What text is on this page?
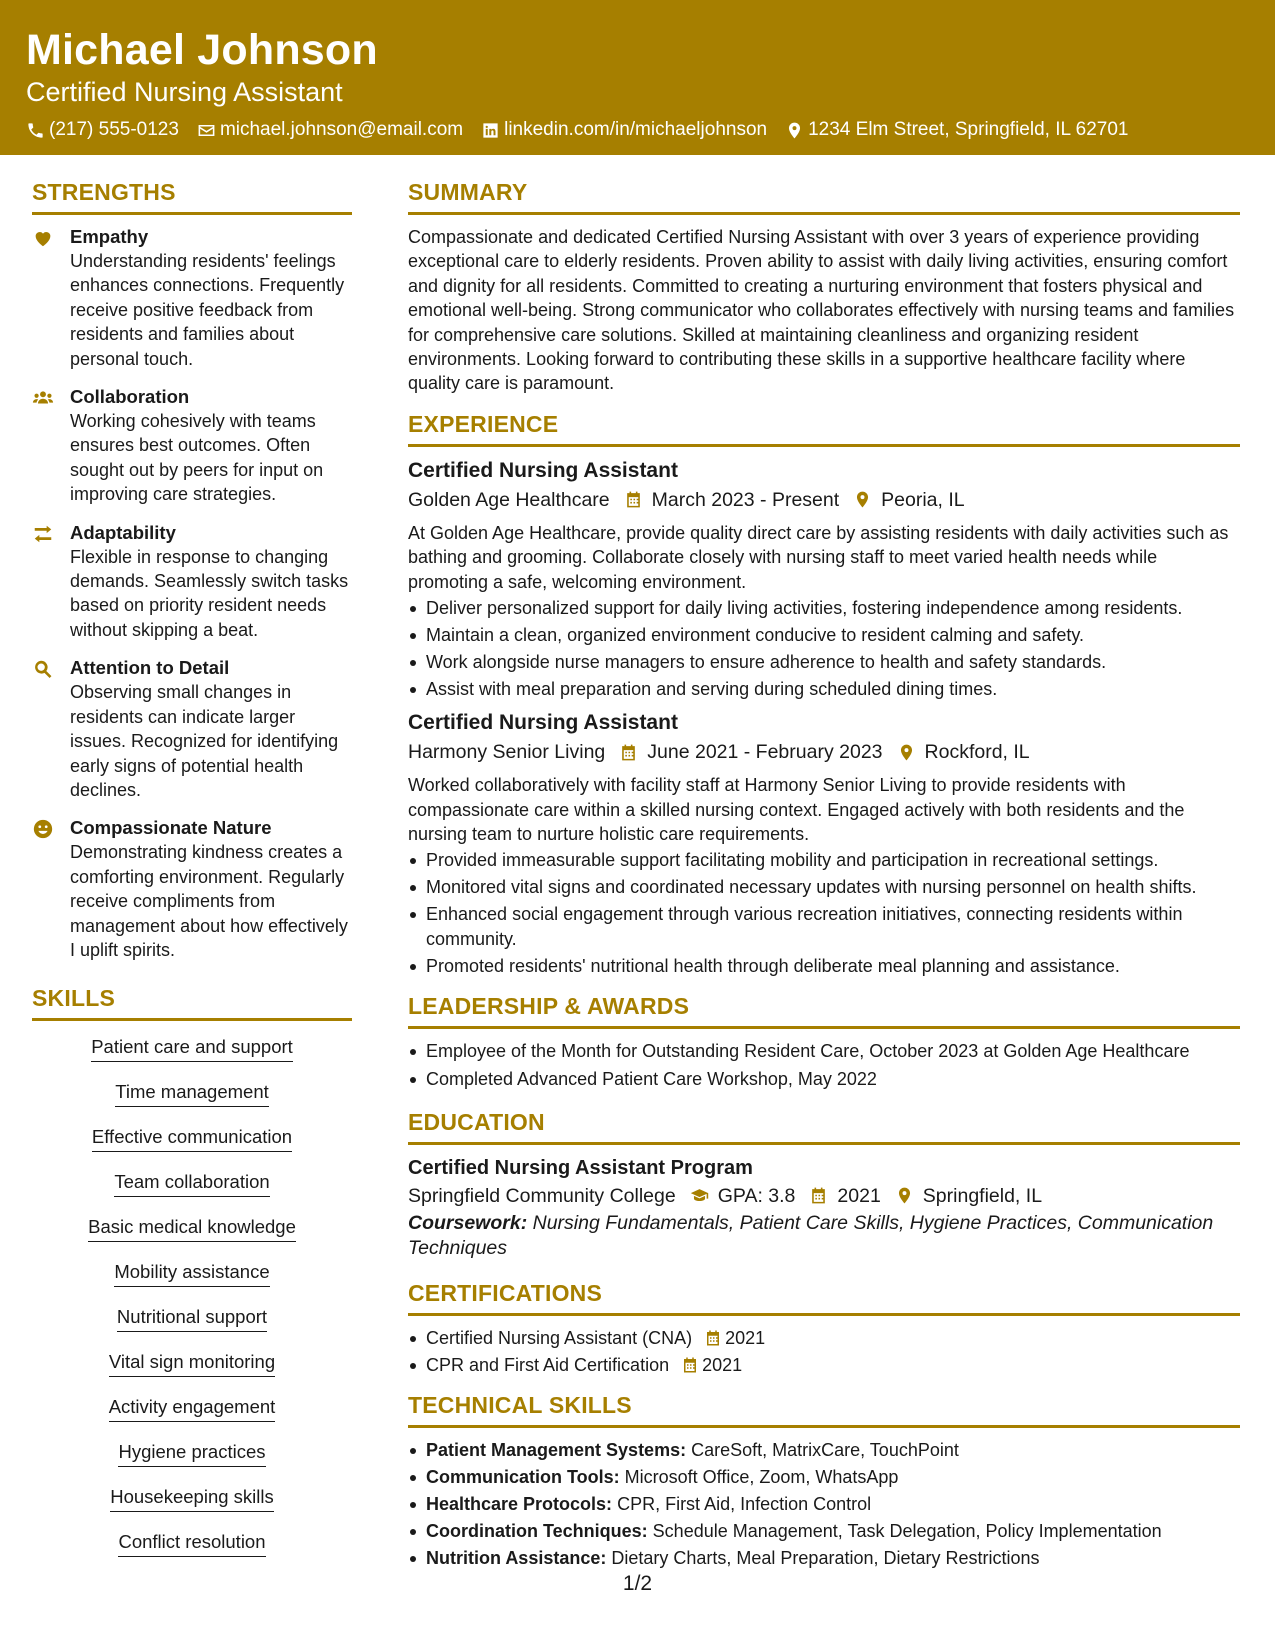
Michael Johnson
Certified Nursing Assistant
(217) 555-0123 michael.johnson@email.com linkedin.com/in/michaeljohnson 1234 Elm Street, Springfield, IL 62701
STRENGTHS
Empathy
Understanding residents' feelings enhances connections. Frequently receive positive feedback from residents and families about personal touch.
Collaboration
Working cohesively with teams ensures best outcomes. Often sought out by peers for input on improving care strategies.
Adaptability
Flexible in response to changing demands. Seamlessly switch tasks based on priority resident needs without skipping a beat.
Attention to Detail
Observing small changes in residents can indicate larger issues. Recognized for identifying early signs of potential health declines.
Compassionate Nature
Demonstrating kindness creates a comforting environment. Regularly receive compliments from management about how effectively I uplift spirits.
SKILLS
Patient care and support
Time management
Effective communication
Team collaboration
Basic medical knowledge
Mobility assistance
Nutritional support
Vital sign monitoring
Activity engagement
Hygiene practices
Housekeeping skills
Conflict resolution
SUMMARY
Compassionate and dedicated Certified Nursing Assistant with over 3 years of experience providing exceptional care to elderly residents. Proven ability to assist with daily living activities, ensuring comfort and dignity for all residents. Committed to creating a nurturing environment that fosters physical and emotional well-being. Strong communicator who collaborates effectively with nursing teams and families for comprehensive care solutions. Skilled at maintaining cleanliness and organizing resident environments. Looking forward to contributing these skills in a supportive healthcare facility where quality care is paramount.
EXPERIENCE
Certified Nursing Assistant
Golden Age Healthcare March 2023 - Present Peoria, IL
At Golden Age Healthcare, provide quality direct care by assisting residents with daily activities such as bathing and grooming. Collaborate closely with nursing staff to meet varied health needs while promoting a safe, welcoming environment.
Deliver personalized support for daily living activities, fostering independence among residents.
Maintain a clean, organized environment conducive to resident calming and safety.
Work alongside nurse managers to ensure adherence to health and safety standards.
Assist with meal preparation and serving during scheduled dining times.
Certified Nursing Assistant
Harmony Senior Living June 2021 - February 2023 Rockford, IL
Worked collaboratively with facility staff at Harmony Senior Living to provide residents with compassionate care within a skilled nursing context. Engaged actively with both residents and the nursing team to nurture holistic care requirements.
Provided immeasurable support facilitating mobility and participation in recreational settings.
Monitored vital signs and coordinated necessary updates with nursing personnel on health shifts.
Enhanced social engagement through various recreation initiatives, connecting residents within community.
Promoted residents' nutritional health through deliberate meal planning and assistance.
LEADERSHIP & AWARDS
Employee of the Month for Outstanding Resident Care, October 2023 at Golden Age Healthcare
Completed Advanced Patient Care Workshop, May 2022
EDUCATION
Certified Nursing Assistant Program
Springfield Community College GPA: 3.8 2021 Springfield, IL
Coursework: Nursing Fundamentals, Patient Care Skills, Hygiene Practices, Communication Techniques
CERTIFICATIONS
Certified Nursing Assistant (CNA) 2021
CPR and First Aid Certification 2021
TECHNICAL SKILLS
Patient Management Systems: CareSoft, MatrixCare, TouchPoint
Communication Tools: Microsoft Office, Zoom, WhatsApp
Healthcare Protocols: CPR, First Aid, Infection Control
Coordination Techniques: Schedule Management, Task Delegation, Policy Implementation
Nutrition Assistance: Dietary Charts, Meal Preparation, Dietary Restrictions
1/2
